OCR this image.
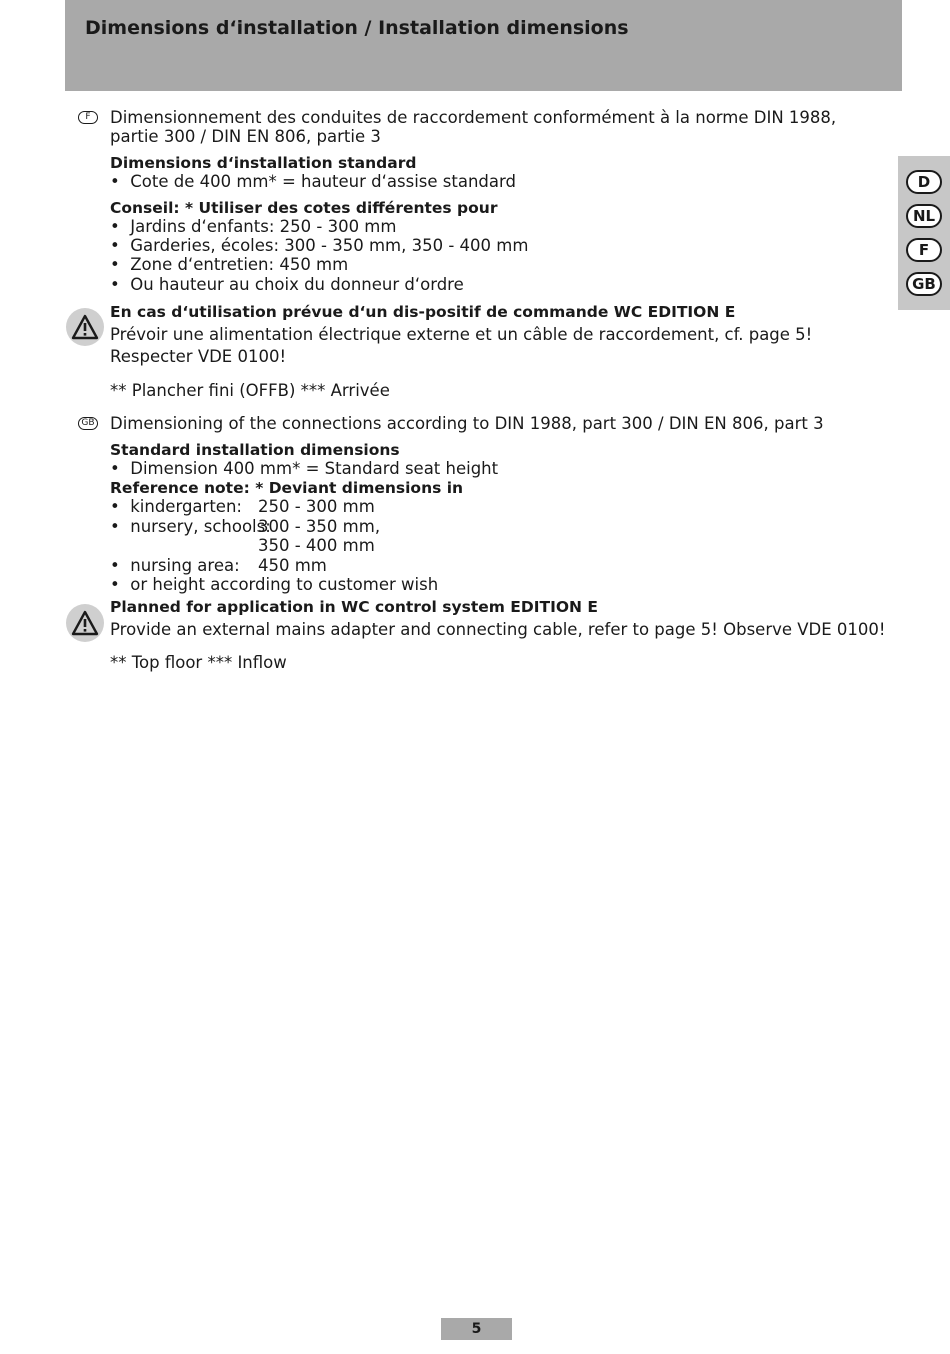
Dimensions d‘installation / Installation dimensions
D
NL
F
GB
F	Dimensionnement des conduites de raccordement conformément à la norme DIN 1988,
partie 300 / DIN EN 806, partie 3
Dimensions d‘installation standard
•  Cote de 400 mm* = hauteur d‘assise standard
Conseil: * Utiliser des cotes différentes pour
•  Jardins d‘enfants: 250 - 300 mm
•  Garderies, écoles: 300 - 350 mm, 350 - 400 mm
•  Zone d‘entretien: 450 mm
•  Ou hauteur au choix du donneur d‘ordre
En cas d‘utilisation prévue d‘un dis-positif de commande WC EDITION E
Prévoir une alimentation électrique externe et un câble de raccordement, cf. page 5!
Respecter VDE 0100!
** Plancher fini (OFFB) *** Arrivée
GB Dimensioning of the connections according to DIN 1988, part 300 / DIN EN 806, part 3
Standard installation dimensions
•  Dimension 400 mm* = Standard seat height
Reference note: * Deviant dimensions in
•  kindergarten: 250 - 300 mm
•  nursery, schools:
300 - 350 mm,
350 - 400 mm
•  nursing area: 450 mm
•  or height according to customer wish
Planned for application in WC control system EDITION E
Provide an external mains adapter and connecting cable, refer to page 5! Observe VDE 0100!
** Top floor *** Inflow
5
